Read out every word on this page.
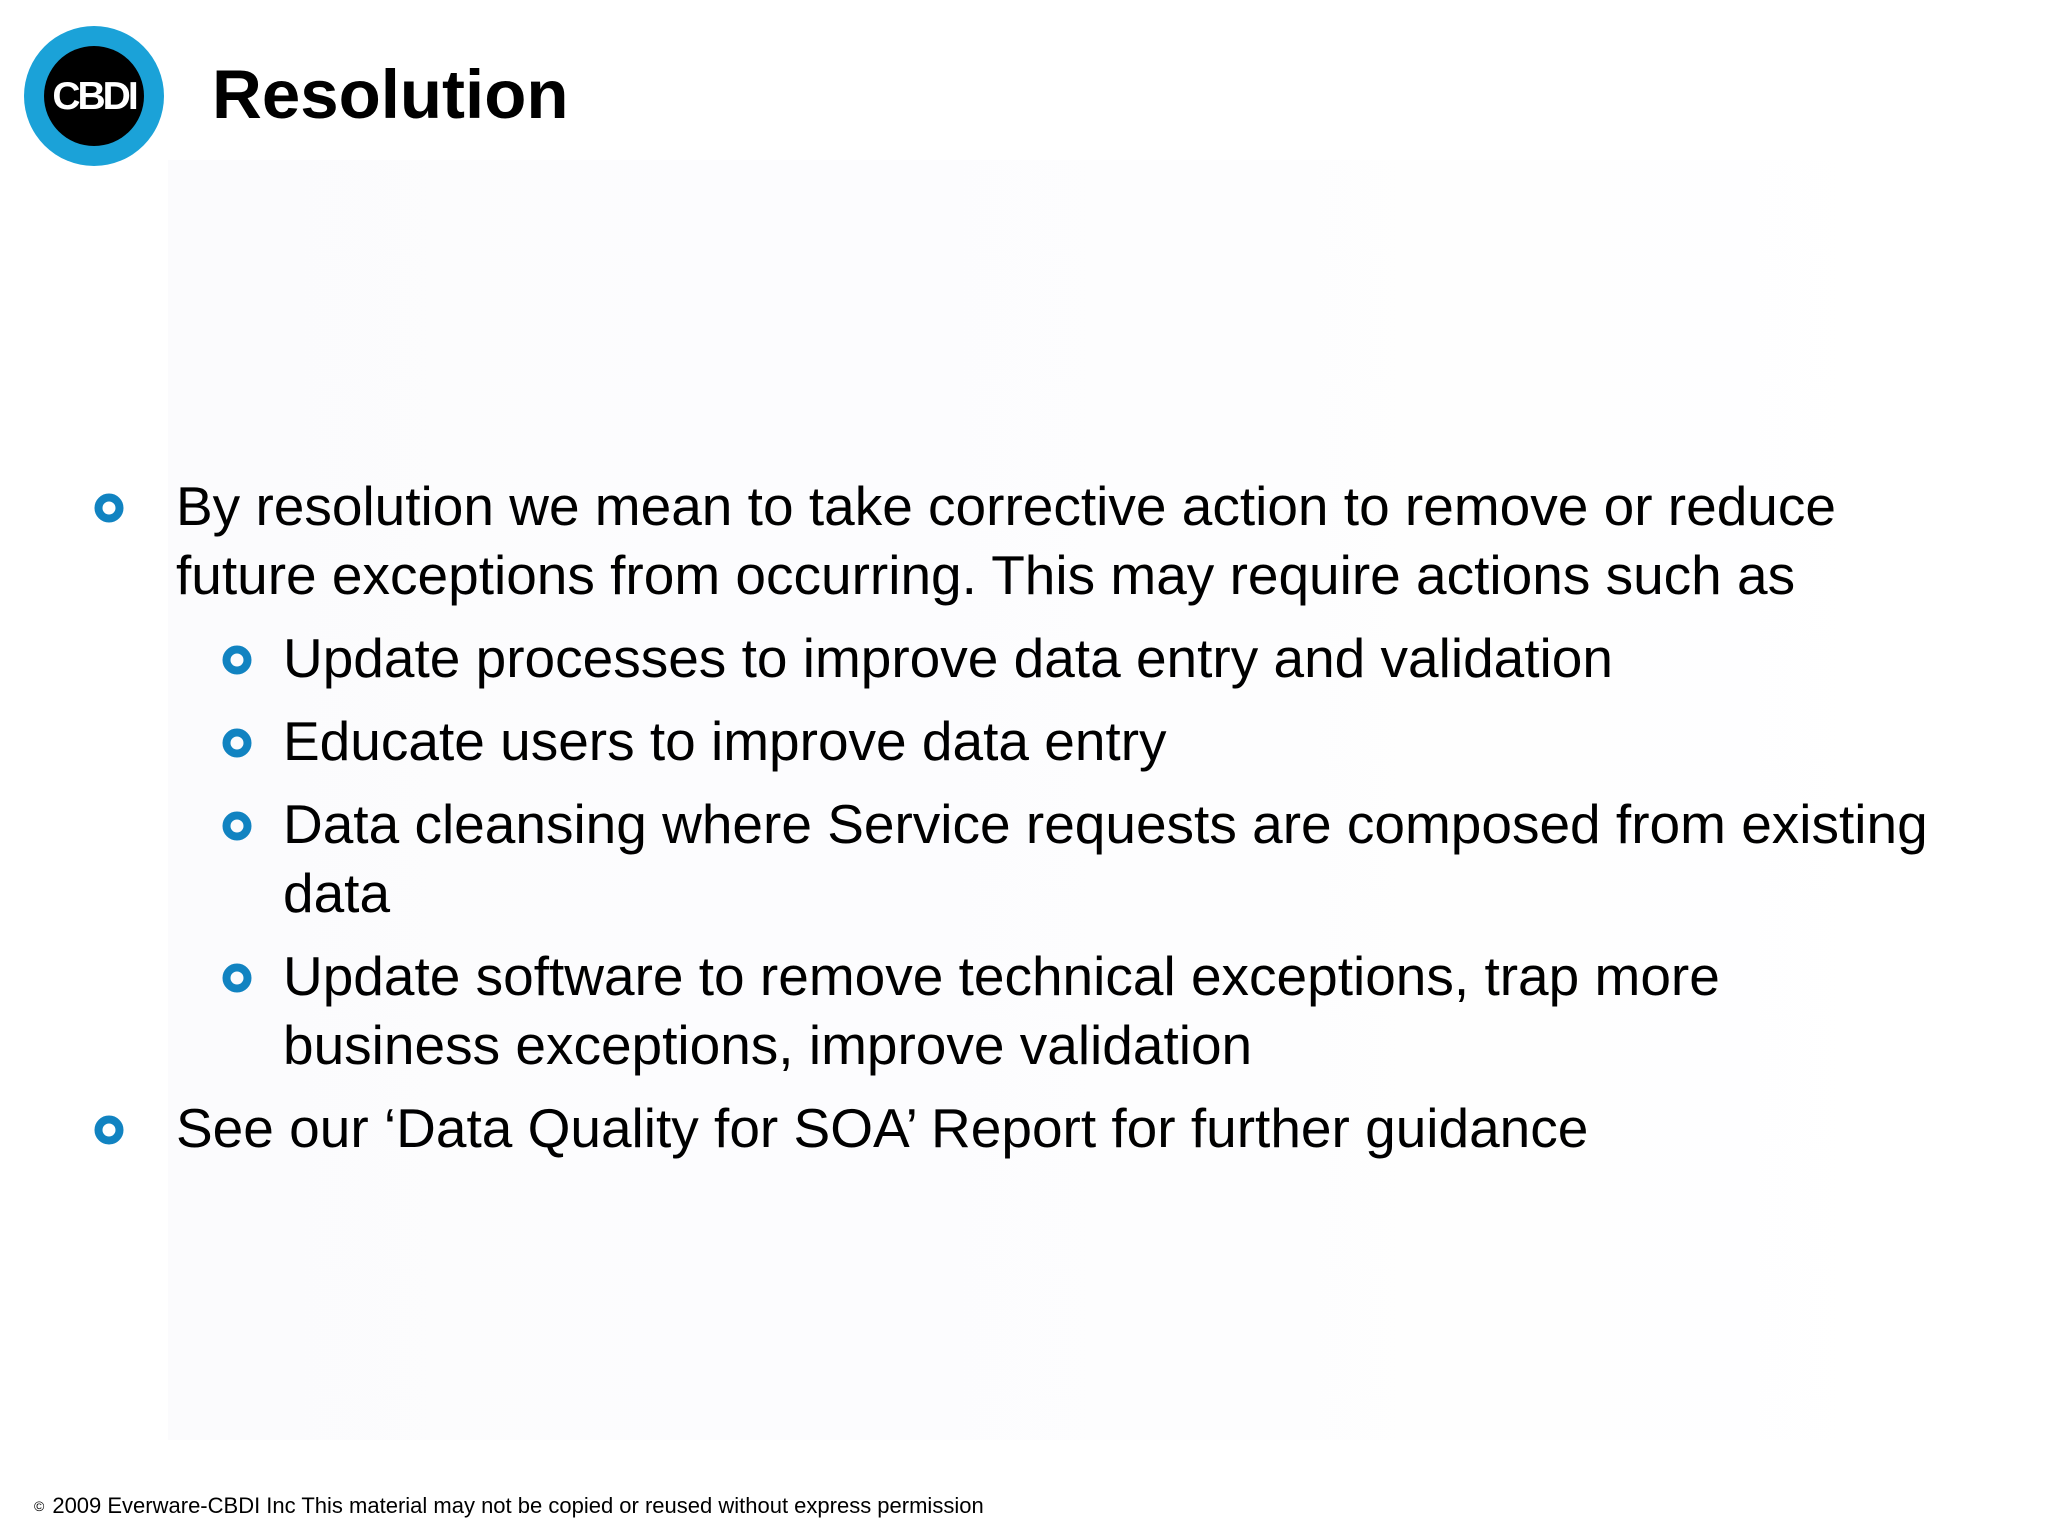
CBDI Resolution
By resolution we mean to take corrective action to remove or reduce future exceptions from occurring. This may require actions such as
Update processes to improve data entry and validation
Educate users to improve data entry
Data cleansing where Service requests are composed from existing data
Update software to remove technical exceptions, trap more business exceptions, improve validation
See our ‘Data Quality for SOA’ Report for further guidance
© 2009 Everware-CBDI Inc This material may not be copied or reused without express permission
